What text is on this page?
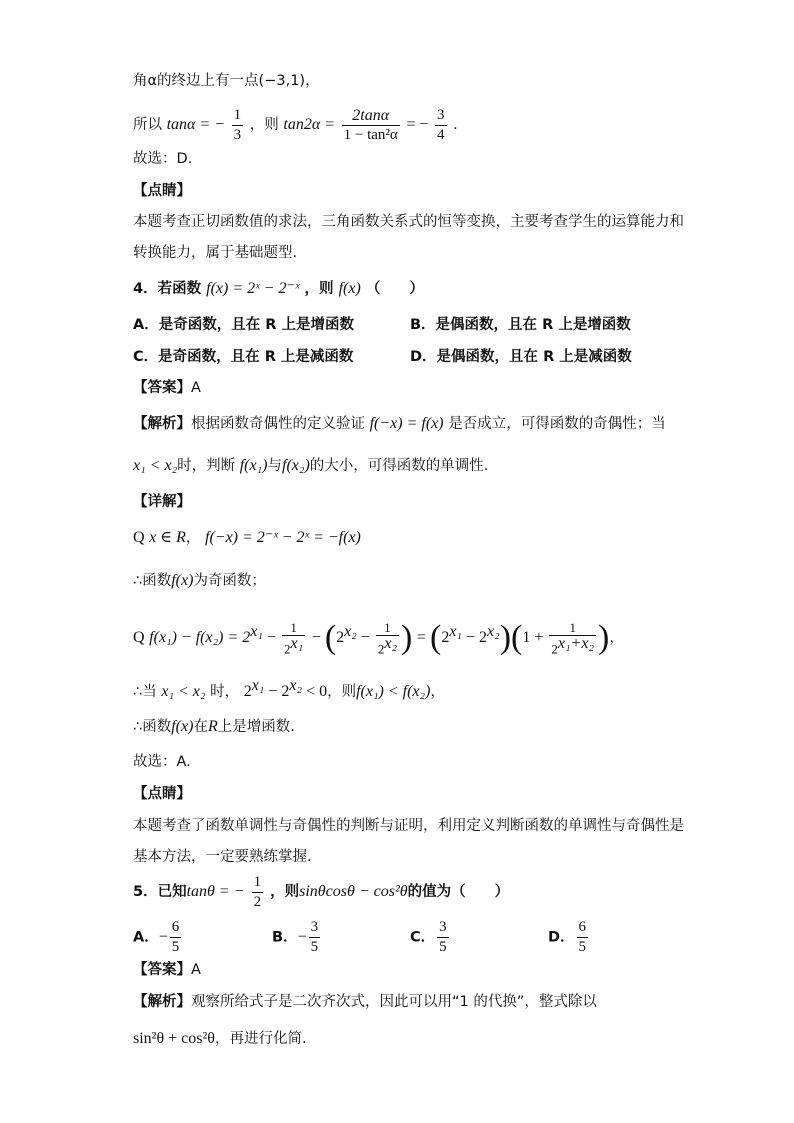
角α的终边上有一点(−3,1)，
所以 tanα = − $\frac{1}{3}$ ，则 $\tan 2\alpha = \frac{2\tan\alpha}{\text{1 − tan²α}}$ = − $\frac{3}{4}$ .
故选：D.
【点睛】
本题考查正切函数值的求法，三角函数关系式的恒等变换，主要考查学生的运算能力和
转换能力，属于基础题型.
4．若函数 f(x) = 2ˣ − 2⁻ˣ ，则 f(x) （　　）
A．是奇函数，且在 R 上是增函数	B．是偶函数，且在 R 上是增函数
C．是奇函数，且在 R 上是减函数	D．是偶函数，且在 R 上是减函数
【答案】A
【解析】根据函数奇偶性的定义验证 f(−x) = f(x) 是否成立，可得函数的奇偶性；当
x₁ < x₂时，判断 f(x₁)与f(x₂)的大小，可得函数的单调性.
【详解】
Q x ∈ R， f(−x) = 2⁻ˣ − 2ˣ = −f(x)
∴函数f(x)为奇函数；
Q $f(x_1) - f(x_2) = 2^{x_1} - \frac{1}{2^{x_1}} - (2^{x_2} - \frac{1}{2^{x_2}}$ ) = $(2^{x_1} - 2^{x_2})(1 + \frac{1}{2^{x_1+x_2}}$ )，
∴当 x₁ < x₂ 时， $2^{x_1} - 2^{x_2} < 0$，则f(x₁) < f(x₂)，
∴函数f(x)在R上是增函数.
故选：A.
【点睛】
本题考查了函数单调性与奇偶性的判断与证明，利用定义判断函数的单调性与奇偶性是
基本方法，一定要熟练掌握.
5．已知tanθ = − $\frac{1}{2}$ ，则sinθcosθ − cos²θ的值为（　　）
A．− $\frac{6}{5}$	B．− $\frac{3}{5}$	C． $\frac{3}{5}$	D． $\frac{6}{5}$
【答案】A
【解析】观察所给式子是二次齐次式，因此可以用“1 的代换”，整式除以
sin²θ + cos²θ，再进行化简.
